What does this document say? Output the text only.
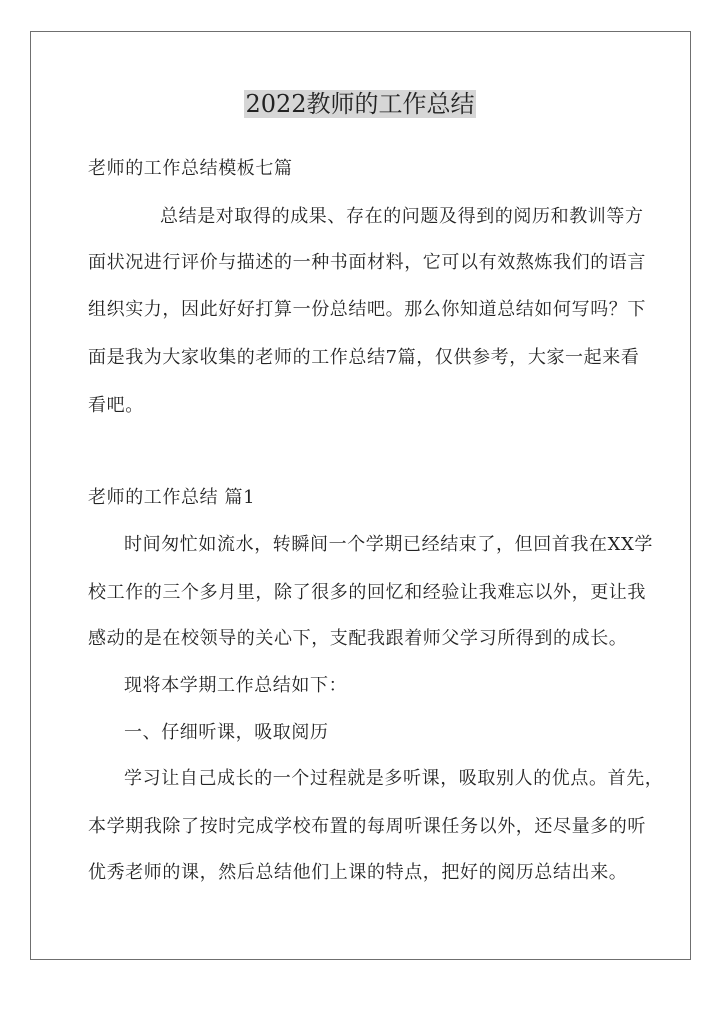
2022教师的工作总结
老师的工作总结模板七篇
总结是对取得的成果、存在的问题及得到的阅历和教训等方
面状况进行评价与描述的一种书面材料，它可以有效熬炼我们的语言
组织实力，因此好好打算一份总结吧。那么你知道总结如何写吗？下
面是我为大家收集的老师的工作总结7篇，仅供参考，大家一起来看
看吧。
老师的工作总结 篇1
时间匆忙如流水，转瞬间一个学期已经结束了，但回首我在XX学
校工作的三个多月里，除了很多的回忆和经验让我难忘以外，更让我
感动的是在校领导的关心下，支配我跟着师父学习所得到的成长。
现将本学期工作总结如下：
一、仔细听课，吸取阅历
学习让自己成长的一个过程就是多听课，吸取别人的优点。首先，
本学期我除了按时完成学校布置的每周听课任务以外，还尽量多的听
优秀老师的课，然后总结他们上课的特点，把好的阅历总结出来。
